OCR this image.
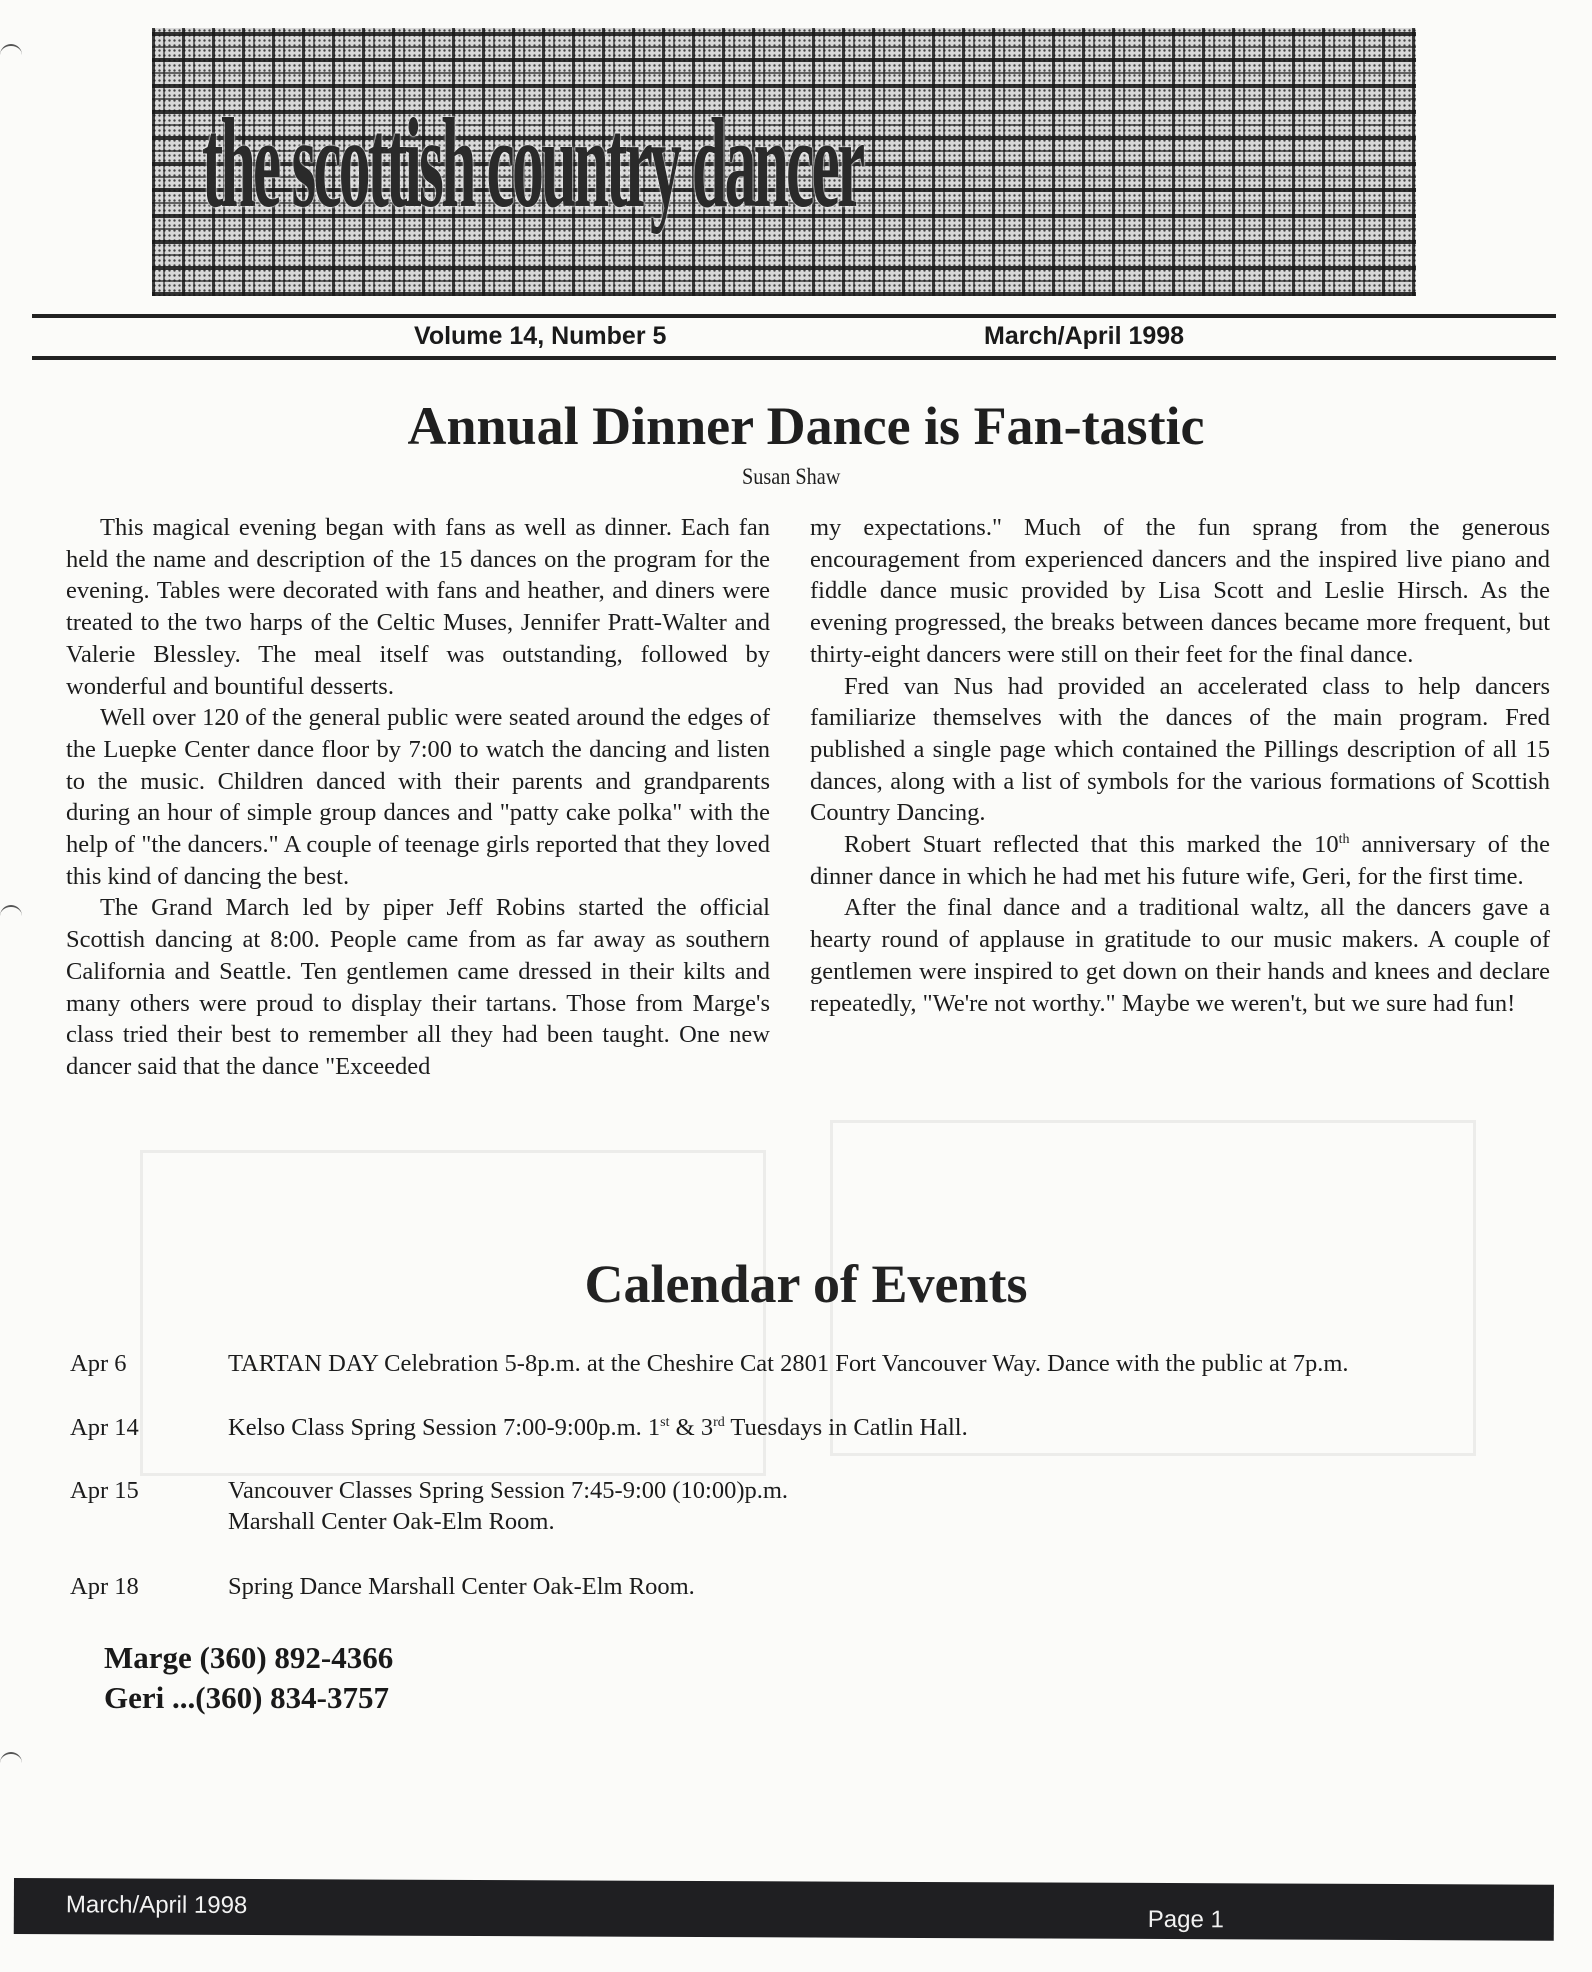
the scottish country dancer
Volume 14, Number 5	March/April 1998
Annual Dinner Dance is Fan-tastic
Susan Shaw

This magical evening began with fans as well as dinner. Each fan held the name and description of the 15 dances on the program for the evening. Tables were decorated with fans and heather, and diners were treated to the two harps of the Celtic Muses, Jennifer Pratt-Walter and Valerie Blessley. The meal itself was outstanding, followed by wonderful and bountiful desserts.

Well over 120 of the general public were seated around the edges of the Luepke Center dance floor by 7:00 to watch the dancing and listen to the music. Children danced with their parents and grandparents during an hour of simple group dances and "patty cake polka" with the help of "the dancers." A couple of teenage girls reported that they loved this kind of dancing the best.

The Grand March led by piper Jeff Robins started the official Scottish dancing at 8:00. People came from as far away as southern California and Seattle. Ten gentlemen came dressed in their kilts and many others were proud to display their tartans. Those from Marge's class tried their best to remember all they had been taught. One new dancer said that the dance "Exceeded

my expectations." Much of the fun sprang from the generous encouragement from experienced dancers and the inspired live piano and fiddle dance music provided by Lisa Scott and Leslie Hirsch. As the evening progressed, the breaks between dances became more frequent, but thirty-eight dancers were still on their feet for the final dance.

Fred van Nus had provided an accelerated class to help dancers familiarize themselves with the dances of the main program. Fred published a single page which contained the Pillings description of all 15 dances, along with a list of symbols for the various formations of Scottish Country Dancing.

Robert Stuart reflected that this marked the 10th anniversary of the dinner dance in which he had met his future wife, Geri, for the first time.

After the final dance and a traditional waltz, all the dancers gave a hearty round of applause in gratitude to our music makers. A couple of gentlemen were inspired to get down on their hands and knees and declare repeatedly, "We're not worthy." Maybe we weren't, but we sure had fun!

Calendar of Events
Apr 6	TARTAN DAY Celebration 5-8p.m. at the Cheshire Cat 2801 Fort Vancouver Way. Dance with the public at 7p.m.
Apr 14	Kelso Class Spring Session 7:00-9:00p.m. 1st & 3rd Tuesdays in Catlin Hall.
Apr 15	Vancouver Classes Spring Session 7:45-9:00 (10:00)p.m.
Marshall Center Oak-Elm Room.
Apr 18	Spring Dance Marshall Center Oak-Elm Room.
Marge (360) 892-4366
Geri ...(360) 834-3757
March/April 1998
Page 1
